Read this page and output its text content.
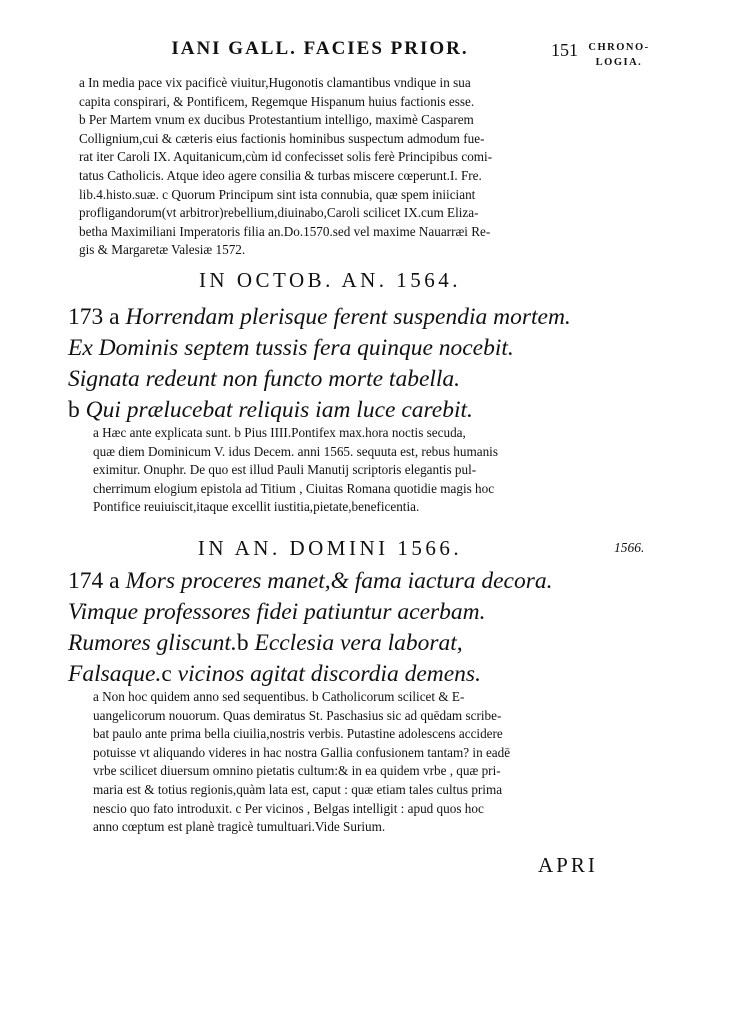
IANI GALL. FACIES PRIOR.	151 CHRONO-
LOGIA.
a In media pace vix pacificè viuitur,Hugonotis clamantibus vndique in sua
capita conspirari, & Pontificem, Regemque Hispanum huius factionis esse.
b Per Martem vnum ex ducibus Protestantium intelligo, maximè Casparem
Collignium,cui & cæteris eius factionis hominibus suspectum admodum fue-
rat iter Caroli IX. Aquitanicum,cùm id confecisset solis ferè Principibus comi-
tatus Catholicis. Atque ideo agere consilia & turbas miscere cœperunt.I. Fre.
lib.4.histo.suæ. c Quorum Principum sint ista connubia, quæ spem iniiciant
profligandorum(vt arbitror)rebellium,diuinabo,Caroli scilicet IX.cum Eliza-
betha Maximiliani Imperatoris filia an.Do.1570.sed vel maxime Nauarræi Re-
gis & Margaretæ Valesiæ 1572.
IN OCTOB. AN. 1564.
173 a Horrendam plerisque ferent suspendia mortem.
Ex Dominis septem tussis fera quinque nocebit.
Signata redeunt non functo morte tabella.
b Qui prælucebat reliquis iam luce carebit.
a Hæc ante explicata sunt. b Pius IIII.Pontifex max.hora noctis secuda,
quæ diem Dominicum V. idus Decem. anni 1565. sequuta est, rebus humanis
eximitur. Onuphr. De quo est illud Pauli Manutij scriptoris elegantis pul-
cherrimum elogium epistola ad Titium , Ciuitas Romana quotidie magis hoc
Pontifice reuiuiscit,itaque excellit iustitia,pietate,beneficentia.
IN AN. DOMINI 1566.	1566.
174 a Mors proceres manet,& fama iactura decora.
Vimque professores fidei patiuntur acerbam.
Rumores gliscunt.b Ecclesia vera laborat,
Falsaque.c vicinos agitat discordia demens.
a Non hoc quidem anno sed sequentibus. b Catholicorum scilicet & E-
uangelicorum nouorum. Quas demiratus St. Paschasius sic ad quēdam scribe-
bat paulo ante prima bella ciuilia,nostris verbis. Putastine adolescens accidere
potuisse vt aliquando videres in hac nostra Gallia confusionem tantam? in eadē
vrbe scilicet diuersum omnino pietatis cultum:& in ea quidem vrbe , quæ pri-
maria est & totius regionis,quàm lata est, caput : quæ etiam tales cultus prima
nescio quo fato introduxit. c Per vicinos , Belgas intelligit : apud quos hoc
anno cœptum est planè tragicè tumultuari.Vide Surium.
APRI
